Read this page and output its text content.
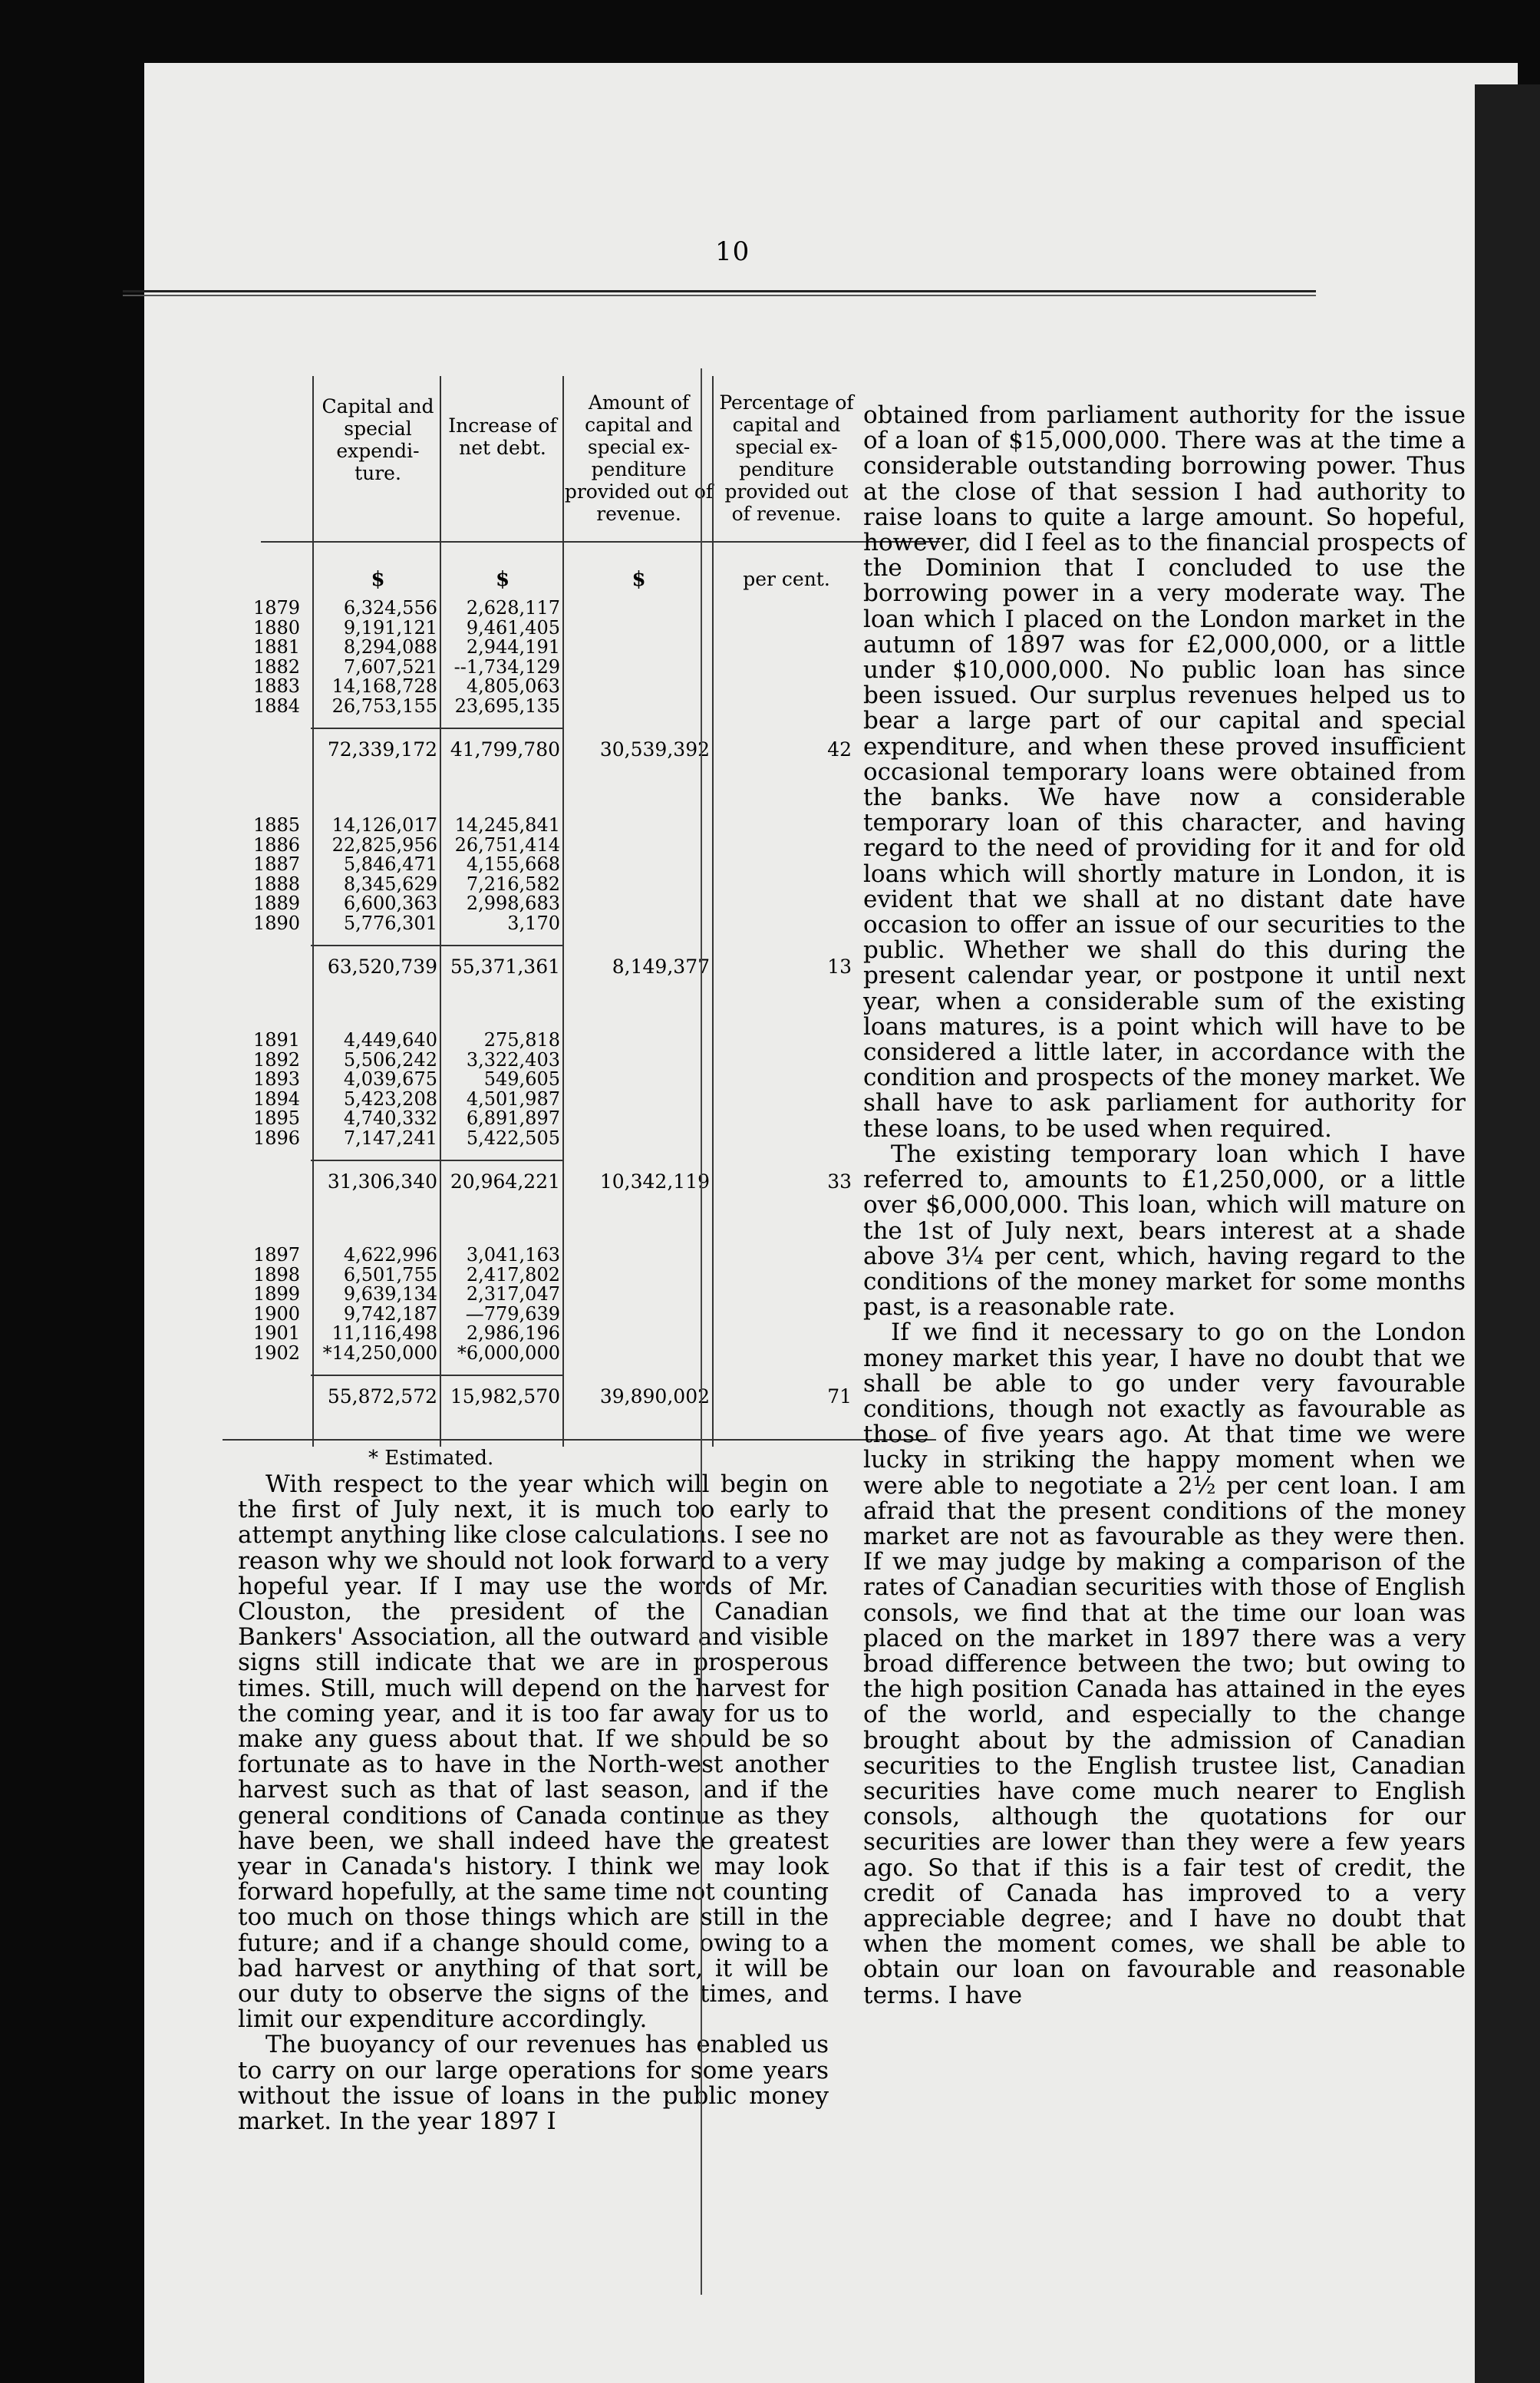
10
Capital and special expendi-ture.
Increase of net debt.
Amount of capital and special ex-penditure provided out of revenue.
Percentage of capital and special ex-penditure provided out of revenue.
$	$	$	per cent.
1879	6,324,556	2,628,117
1880	9,191,121	9,461,405
1881	8,294,088	2,944,191
1882	7,607,521 --1,734,129
1883	14,168,728	4,805,063
1884	26,753,155 23,695,135
72,339,172 41,799,780	30,539,392	42
1885	14,126,017 14,245,841
1886	22,825,956 26,751,414
1887	5,846,471	4,155,668
1888	8,345,629	7,216,582
1889	6,600,363	2,998,683
1890	5,776,301	3,170
63,520,739 55,371,361	8,149,377	13
1891	4,449,640	275,818
1892	5,506,242	3,322,403
1893	4,039,675	549,605
1894	5,423,208	4,501,987
1895	4,740,332	6,891,897
1896	7,147,241	5,422,505
31,306,340 20,964,221	10,342,119	33
1897	4,622,996	3,041,163
1898	6,501,755	2,417,802
1899	9,639,134	2,317,047
1900	9,742,187	—779,639
1901	11,116,498	2,986,196
1902	*14,250,000	*6,000,000
55,872,572 15,982,570	39,890,002	71
* Estimated.

With respect to the year which will begin on the first of July next, it is much too early to attempt anything like close calculations. I see no reason why we should not look forward to a very hopeful year. If I may use the words of Mr. Clouston, the president of the Canadian Bankers' Association, all the outward and visible signs still indicate that we are in prosperous times. Still, much will depend on the harvest for the coming year, and it is too far away for us to make any guess about that. If we should be so fortunate as to have in the North-west another harvest such as that of last season, and if the general conditions of Canada continue as they have been, we shall indeed have the greatest year in Canada's history. I think we may look forward hopefully, at the same time not counting too much on those things which are still in the future; and if a change should come, owing to a bad harvest or anything of that sort, it will be our duty to observe the signs of the times, and limit our expenditure accordingly.

The buoyancy of our revenues has enabled us to carry on our large operations for some years without the issue of loans in the public money market. In the year 1897 I

obtained from parliament authority for the issue of a loan of $15,000,000. There was at the time a considerable outstanding borrowing power. Thus at the close of that session I had authority to raise loans to quite a large amount. So hopeful, however, did I feel as to the financial prospects of the Dominion that I concluded to use the borrowing power in a very moderate way. The loan which I placed on the London market in the autumn of 1897 was for £2,000,000, or a little under $10,000,000. No public loan has since been issued. Our surplus revenues helped us to bear a large part of our capital and special expenditure, and when these proved insufficient occasional temporary loans were obtained from the banks. We have now a considerable temporary loan of this character, and having regard to the need of providing for it and for old loans which will shortly mature in London, it is evident that we shall at no distant date have occasion to offer an issue of our securities to the public. Whether we shall do this during the present calendar year, or postpone it until next year, when a considerable sum of the existing loans matures, is a point which will have to be considered a little later, in accordance with the condition and prospects of the money market. We shall have to ask parliament for authority for these loans, to be used when required.

The existing temporary loan which I have referred to, amounts to £1,250,000, or a little over $6,000,000. This loan, which will mature on the 1st of July next, bears interest at a shade above 3¼ per cent, which, having regard to the conditions of the money market for some months past, is a reasonable rate.

If we find it necessary to go on the London money market this year, I have no doubt that we shall be able to go under very favourable conditions, though not exactly as favourable as those of five years ago. At that time we were lucky in striking the happy moment when we were able to negotiate a 2½ per cent loan. I am afraid that the present conditions of the money market are not as favourable as they were then. If we may judge by making a comparison of the rates of Canadian securities with those of English consols, we find that at the time our loan was placed on the market in 1897 there was a very broad difference between the two; but owing to the high position Canada has attained in the eyes of the world, and especially to the change brought about by the admission of Canadian securities to the English trustee list, Canadian securities have come much nearer to English consols, although the quotations for our securities are lower than they were a few years ago. So that if this is a fair test of credit, the credit of Canada has improved to a very appreciable degree; and I have no doubt that when the moment comes, we shall be able to obtain our loan on favourable and reasonable terms. I have
